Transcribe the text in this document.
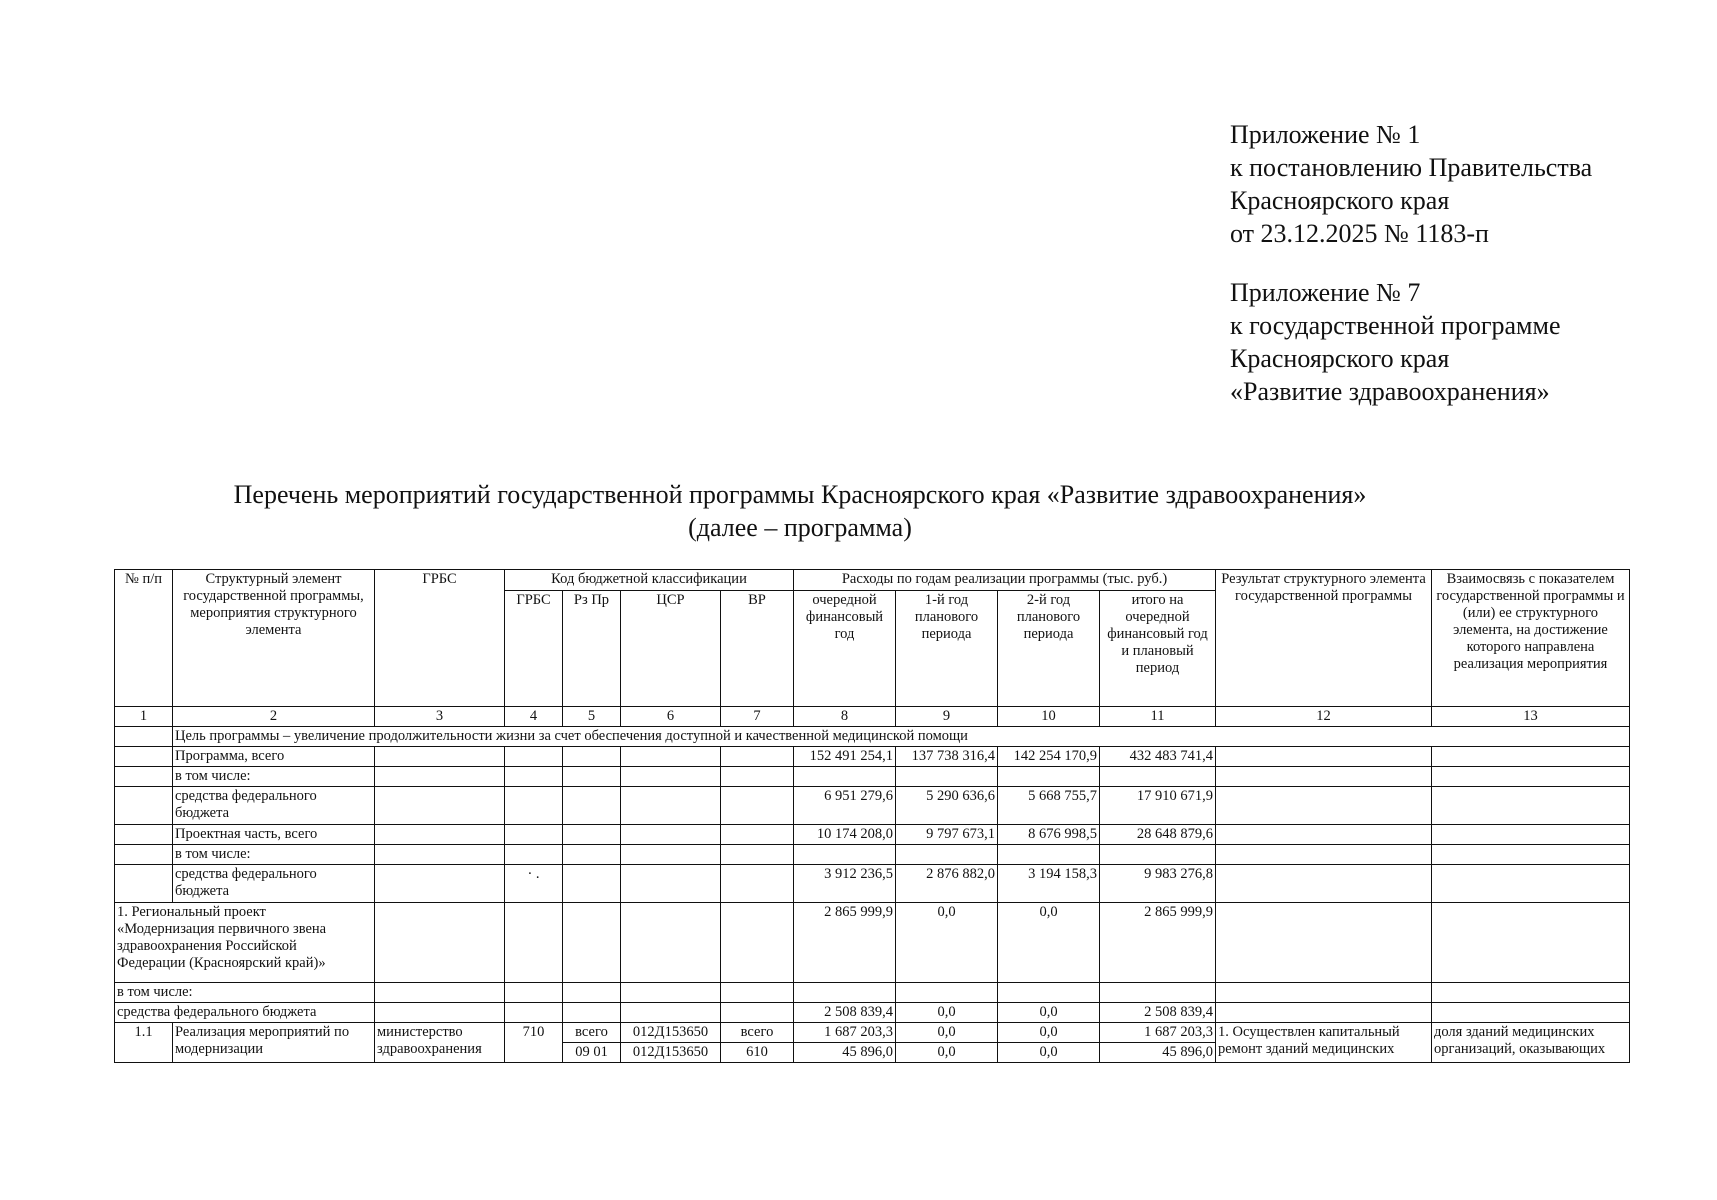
Приложение № 1
к постановлению Правительства
Красноярского края
от 23.12.2025 № 1183-п
Приложение № 7
к государственной программе
Красноярского края
«Развитие здравоохранения»
Перечень мероприятий государственной программы Красноярского края «Развитие здравоохранения»
(далее – программа)
№ п/п	Структурный элемент государственной программы, мероприятия структурного элемента	ГРБС	Код бюджетной классификации				Расходы по годам реализации программы (тыс. руб.)				Результат структурного элемента государственной программы	Взаимосвязь с показателем государственной программы и (или) ее структурного элемента, на достижение которого направлена реализация мероприятия
			ГРБС	Рз Пр	ЦСР	ВР	очередной финансовый год	1-й год планового периода	2-й год планового периода	итого на очередной финансовый год и плановый период		
1	2	3	4	5	6	7	8	9	10	11	12	13
	Цель программы – увеличение продолжительности жизни за счет обеспечения доступной и качественной медицинской помощи											
	Программа, всего						152 491 254,1	137 738 316,4	142 254 170,9	432 483 741,4		
	в том числе:											
	средства федерального бюджета						6 951 279,6	5 290 636,6	5 668 755,7	17 910 671,9		
	Проектная часть, всего						10 174 208,0	9 797 673,1	8 676 998,5	28 648 879,6		
	в том числе:											
	средства федерального бюджета		· .				3 912 236,5	2 876 882,0	3 194 158,3	9 983 276,8		
1. Региональный проект «Модернизация первичного звена здравоохранения Российской Федерации (Красноярский край)»							2 865 999,9	0,0	0,0	2 865 999,9		
в том числе:												
средства федерального бюджета							2 508 839,4	0,0	0,0	2 508 839,4		
1.1	Реализация мероприятий по модернизации	министерство здравоохранения	710	всего	012Д153650	всего	1 687 203,3	0,0	0,0	1 687 203,3	1. Осуществлен капитальный ремонт зданий медицинских	доля зданий медицинских организаций, оказывающих
				09 01	012Д153650	610	45 896,0	0,0	0,0	45 896,0		
